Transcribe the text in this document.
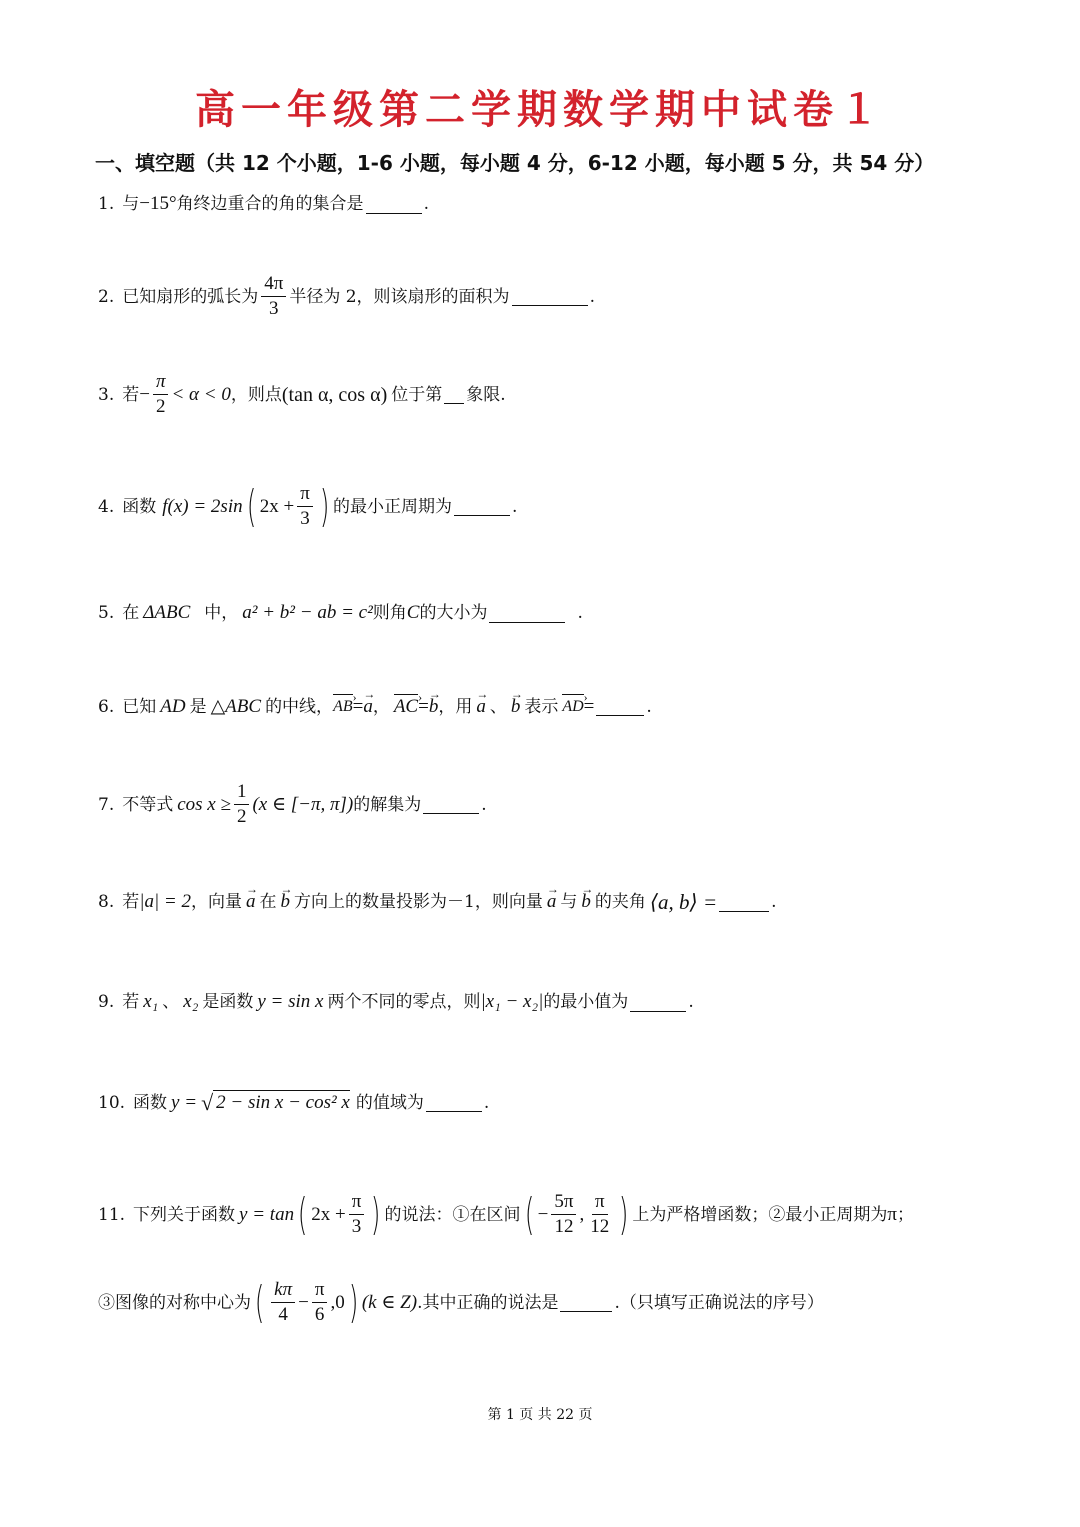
高一年级第二学期数学期中试卷１
一、填空题（共 12 个小题，1-6 小题，每小题 4 分，6-12 小题，每小题 5 分，共 54 分）
1. 与 −15° 角终边重合的角的集合是	.
2. 已知扇形的弧长为 $\frac{4\pi}{3}$ 半径为 2，则该扇形的面积为	.
3. 若 − $\frac{\pi}{2} < \alpha < 0$ ，则点 (tan α, cos α) 位于第 象限.
4. 函数 f(x) = 2sin ( $2x + \frac{\pi}{3}$ ) 的最小正周期为	.
5. 在 ΔABC 中， a² + b² − ab = c² 则角 C 的大小为	.
6. 已知 AD 是 △ABC 的中线， AB › = → a ， AC › = → b ，用 → a 、 → b 表示 AD › =	.
7. 不等式 $\cos x \ge \frac{1}{2} (x$ ∈ [−π, π]) 的解集为	.
8. 若 |a| = 2 ，向量 → a 在 → b 方向上的数量投影为－1，则向量 → a 与 → b 的夹角 ⟨a, b⟩ =	.
9. 若 x₁ 、 x₂ 是函数 y = sin x 两个不同的零点，则 |x₁ − x₂| 的最小值为	.
10. 函数 y = √ 2 − sin x − cos² x 的值域为	.
11. 下列关于函数 y = tan ( $2x + \frac{\pi}{3}$ ) 的说法：①在区间 ( − $\frac{5\pi}{12}$ , $\frac{\pi}{12}$ ) 上为严格增函数；②最小正周期为 π ；
③图像的对称中心为 ( $\frac{k\pi}{4} - \frac{\pi}{6} ,0$ ) (k ∈ Z) .其中正确的说法是	.（只填写正确说法的序号）
第 1 页 共 22 页
